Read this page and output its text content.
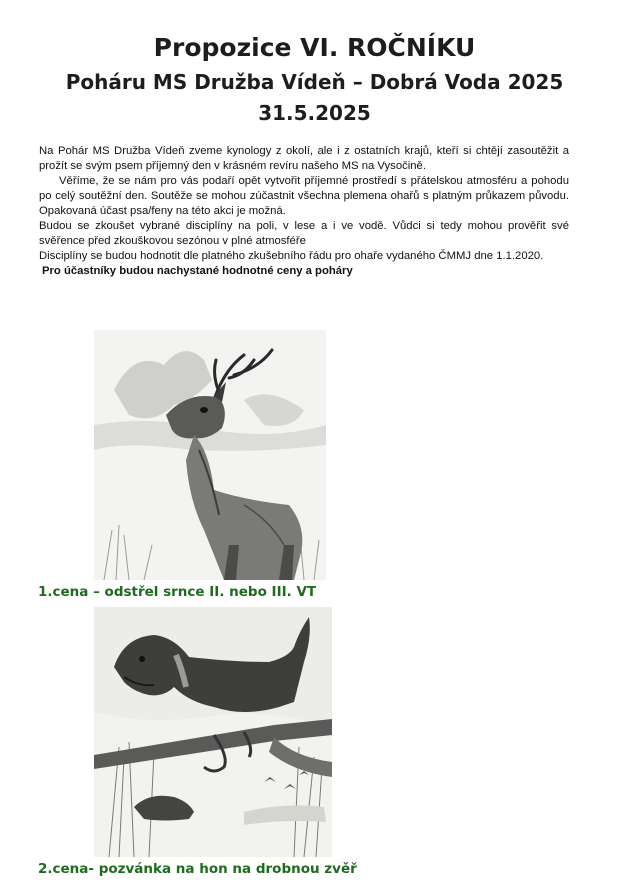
Propozice VI. ROČNÍKU
Poháru MS Družba Vídeň – Dobrá Voda 2025
31.5.2025

Na Pohár MS Družba Vídeň zveme kynology z okolí, ale i z ostatních krajů, kteří si chtějí zasoutěžit a prožít se svým psem příjemný den v krásném revíru našeho MS na Vysočině.

Věříme, že se nám pro vás podaří opět vytvořit příjemné prostředí s přátelskou atmosféru a pohodu po celý soutěžní den. Soutěže se mohou zúčastnit všechna plemena ohařů s platným průkazem původu. Opakovaná účast psa/feny na této akci je možná.

Budou se zkoušet vybrané disciplíny na poli, v lese a i ve vodě. Vůdci si tedy mohou prověřit své svěřence před zkouškovou sezónou v plné atmosféře

Disciplíny se budou hodnotit dle platného zkušebního řádu pro ohaře vydaného ČMMJ dne 1.1.2020.

Pro účastníky budou nachystané hodnotné ceny a poháry

1.cena – odstřel srnce II. nebo III. VT

2.cena- pozvánka na hon na drobnou zvěř
